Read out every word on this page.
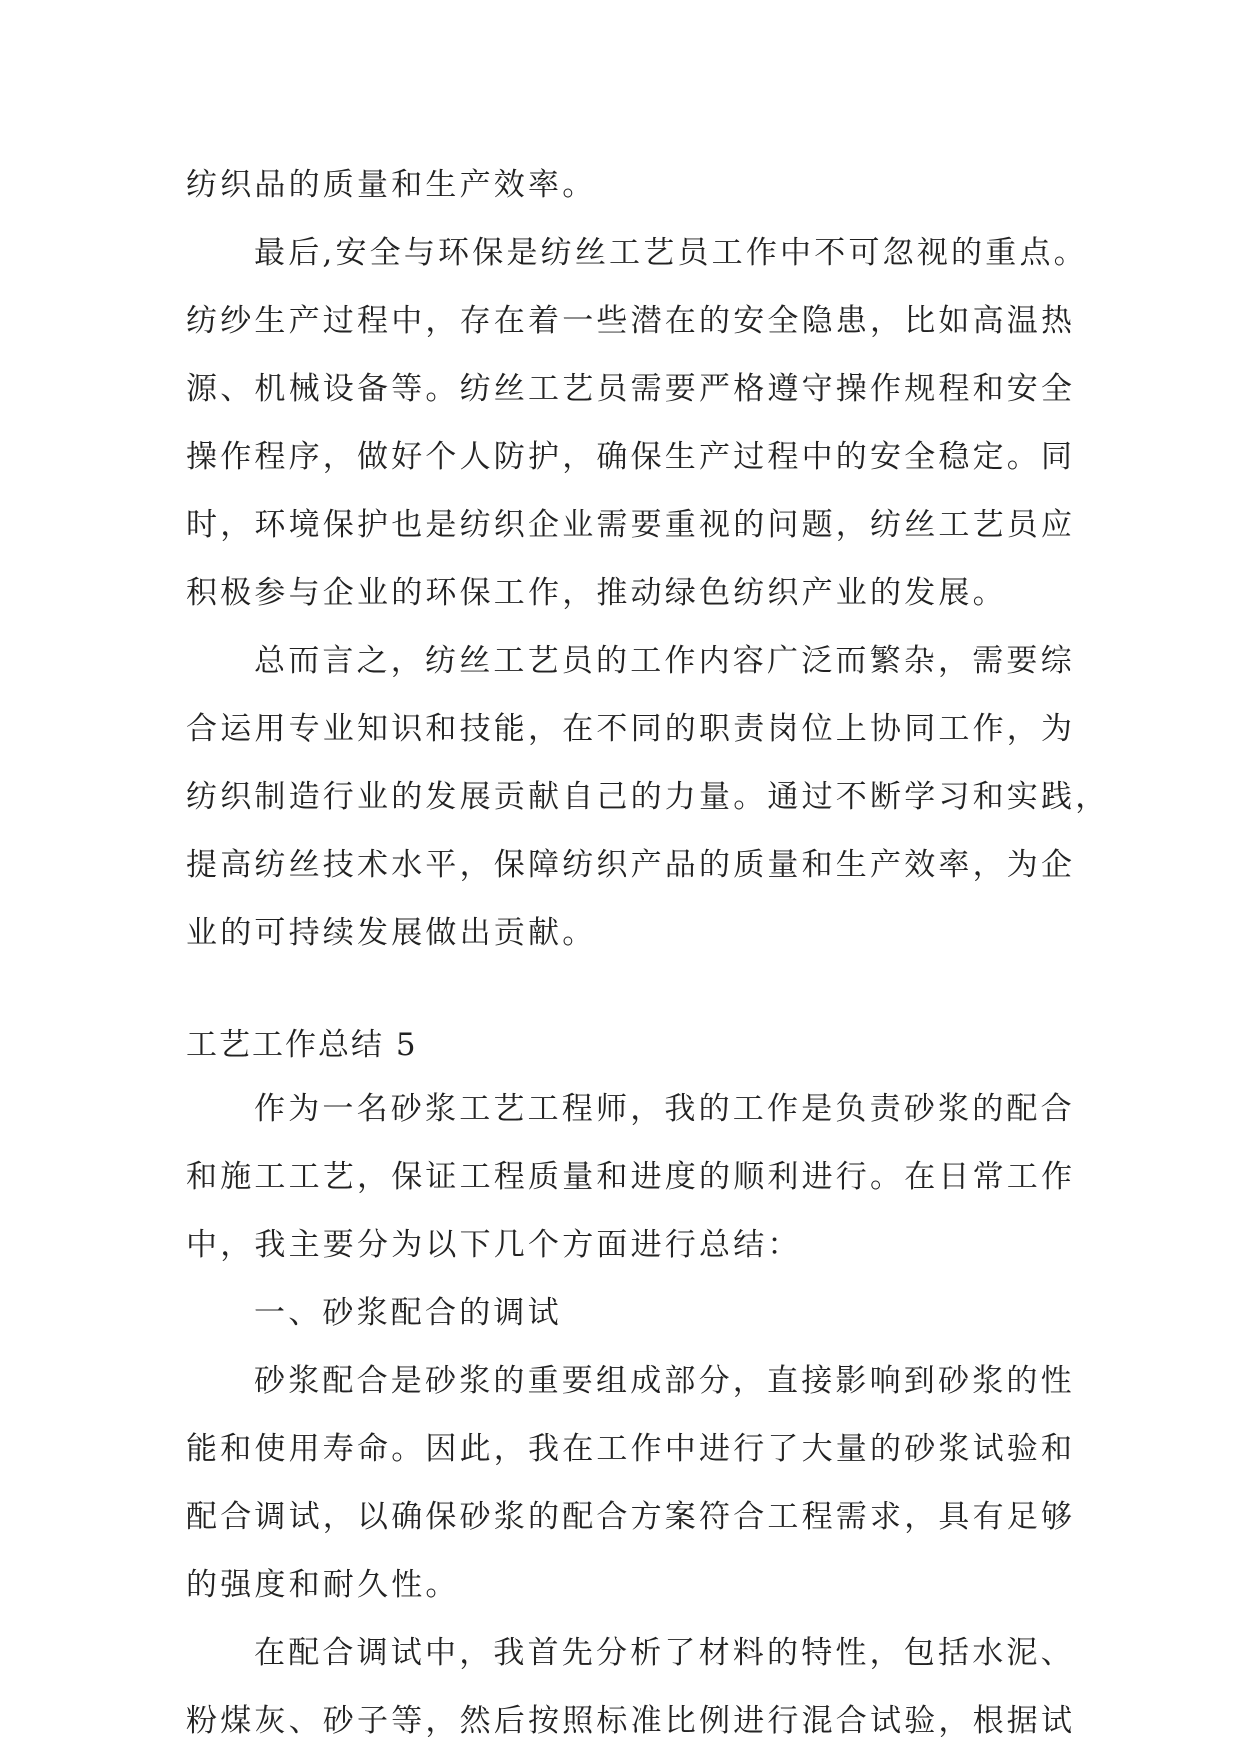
纺织品的质量和生产效率。
最后,安全与环保是纺丝工艺员工作中不可忽视的重点。
纺纱生产过程中，存在着一些潜在的安全隐患，比如高温热
源、机械设备等。纺丝工艺员需要严格遵守操作规程和安全
操作程序，做好个人防护，确保生产过程中的安全稳定。同
时，环境保护也是纺织企业需要重视的问题，纺丝工艺员应
积极参与企业的环保工作，推动绿色纺织产业的发展。
总而言之，纺丝工艺员的工作内容广泛而繁杂，需要综
合运用专业知识和技能，在不同的职责岗位上协同工作，为
纺织制造行业的发展贡献自己的力量。通过不断学习和实践，
提高纺丝技术水平，保障纺织产品的质量和生产效率，为企
业的可持续发展做出贡献。
工艺工作总结 5
作为一名砂浆工艺工程师，我的工作是负责砂浆的配合
和施工工艺，保证工程质量和进度的顺利进行。在日常工作
中，我主要分为以下几个方面进行总结：
一、砂浆配合的调试
砂浆配合是砂浆的重要组成部分，直接影响到砂浆的性
能和使用寿命。因此，我在工作中进行了大量的砂浆试验和
配合调试，以确保砂浆的配合方案符合工程需求，具有足够
的强度和耐久性。
在配合调试中，我首先分析了材料的特性，包括水泥、
粉煤灰、砂子等，然后按照标准比例进行混合试验，根据试
